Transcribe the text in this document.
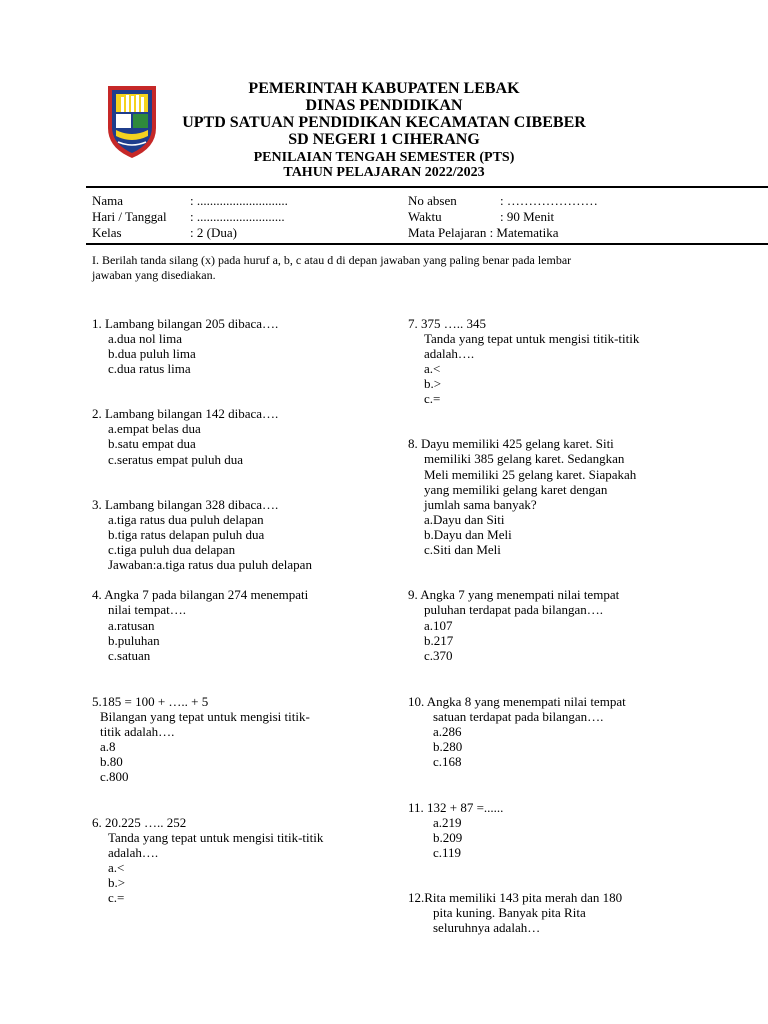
PEMERINTAH KABUPATEN LEBAK
DINAS PENDIDIKAN
UPTD SATUAN PENDIDIKAN KECAMATAN CIBEBER
SD NEGERI 1 CIHERANG
PENILAIAN TENGAH SEMESTER (PTS)
TAHUN PELAJARAN 2022/2023
Nama	: ............................
Hari / Tanggal : ...........................
Kelas	: 2 (Dua)
No absen	: …………………
Waktu	: 90 Menit
Mata Pelajaran : Matematika
I. Berilah tanda silang (x) pada huruf a, b, c atau d di depan jawaban yang paling benar pada lembar
jawaban yang disediakan.
1. Lambang bilangan 205 dibaca….
a.dua nol lima
b.dua puluh lima
c.dua ratus lima
2. Lambang bilangan 142 dibaca….
a.empat belas dua
b.satu empat dua
c.seratus empat puluh dua
3. Lambang bilangan 328 dibaca….
a.tiga ratus dua puluh delapan
b.tiga ratus delapan puluh dua
c.tiga puluh dua delapan
Jawaban:a.tiga ratus dua puluh delapan
4. Angka 7 pada bilangan 274 menempati
nilai tempat….
a.ratusan
b.puluhan
c.satuan
5.185 = 100 + ….. + 5
Bilangan yang tepat untuk mengisi titik-
titik adalah….
a.8
b.80
c.800
6. 20.225 ….. 252
Tanda yang tepat untuk mengisi titik-titik
adalah….
a.<
b.>
c.=
7. 375 ….. 345
Tanda yang tepat untuk mengisi titik-titik
adalah….
a.<
b.>
c.=
8. Dayu memiliki 425 gelang karet. Siti
memiliki 385 gelang karet. Sedangkan
Meli memiliki 25 gelang karet. Siapakah
yang memiliki gelang karet dengan
jumlah sama banyak?
a.Dayu dan Siti
b.Dayu dan Meli
c.Siti dan Meli
9. Angka 7 yang menempati nilai tempat
puluhan terdapat pada bilangan….
a.107
b.217
c.370
10. Angka 8 yang menempati nilai tempat
satuan terdapat pada bilangan….
a.286
b.280
c.168
11. 132 + 87 =......
a.219
b.209
c.119
12.Rita memiliki 143 pita merah dan 180
pita kuning. Banyak pita Rita
seluruhnya adalah…
